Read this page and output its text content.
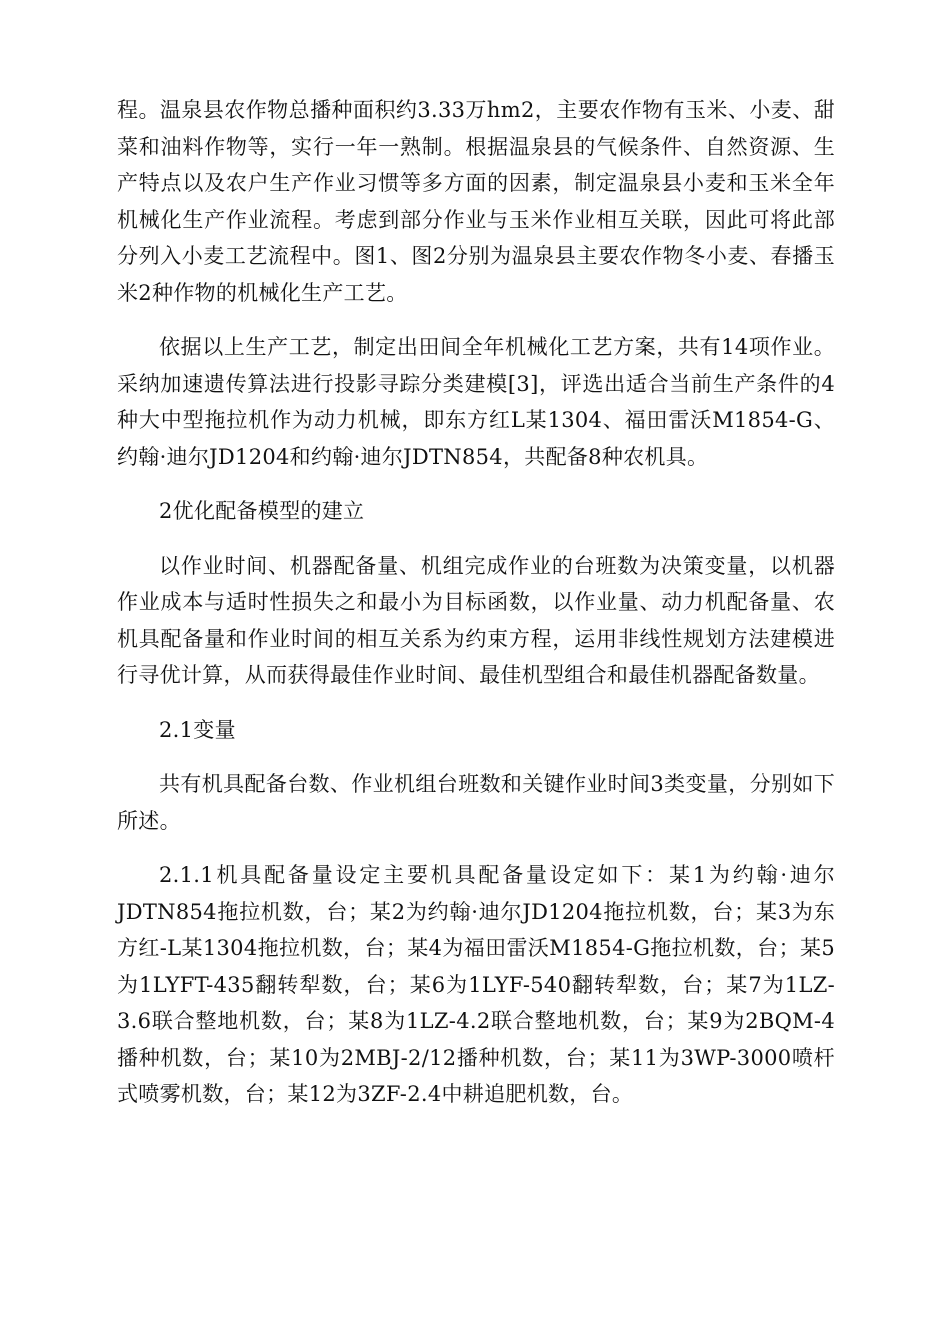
程。温泉县农作物总播种面积约3.33万hm2，主要农作物有玉米、小麦、甜菜和油料作物等，实行一年一熟制。根据温泉县的气候条件、自然资源、生产特点以及农户生产作业习惯等多方面的因素，制定温泉县小麦和玉米全年机械化生产作业流程。考虑到部分作业与玉米作业相互关联，因此可将此部分列入小麦工艺流程中。图1、图2分别为温泉县主要农作物冬小麦、春播玉米2种作物的机械化生产工艺。

依据以上生产工艺，制定出田间全年机械化工艺方案，共有14项作业。采纳加速遗传算法进行投影寻踪分类建模[3]，评选出适合当前生产条件的4种大中型拖拉机作为动力机械，即东方红L某1304、福田雷沃M1854-G、约翰·迪尔JD1204和约翰·迪尔JDTN854，共配备8种农机具。

2优化配备模型的建立

以作业时间、机器配备量、机组完成作业的台班数为决策变量，以机器作业成本与适时性损失之和最小为目标函数，以作业量、动力机配备量、农机具配备量和作业时间的相互关系为约束方程，运用非线性规划方法建模进行寻优计算，从而获得最佳作业时间、最佳机型组合和最佳机器配备数量。

2.1变量

共有机具配备台数、作业机组台班数和关键作业时间3类变量，分别如下所述。

2.1.1机具配备量设定主要机具配备量设定如下：某1为约翰·迪尔JDTN854拖拉机数，台；某2为约翰·迪尔JD1204拖拉机数，台；某3为东方红-L某1304拖拉机数，台；某4为福田雷沃M1854-G拖拉机数，台；某5为1LYFT-435翻转犁数，台；某6为1LYF-540翻转犁数，台；某7为1LZ-3.6联合整地机数，台；某8为1LZ-4.2联合整地机数，台；某9为2BQM-4播种机数，台；某10为2MBJ-2/12播种机数，台；某11为3WP-3000喷杆式喷雾机数，台；某12为3ZF-2.4中耕追肥机数，台。
